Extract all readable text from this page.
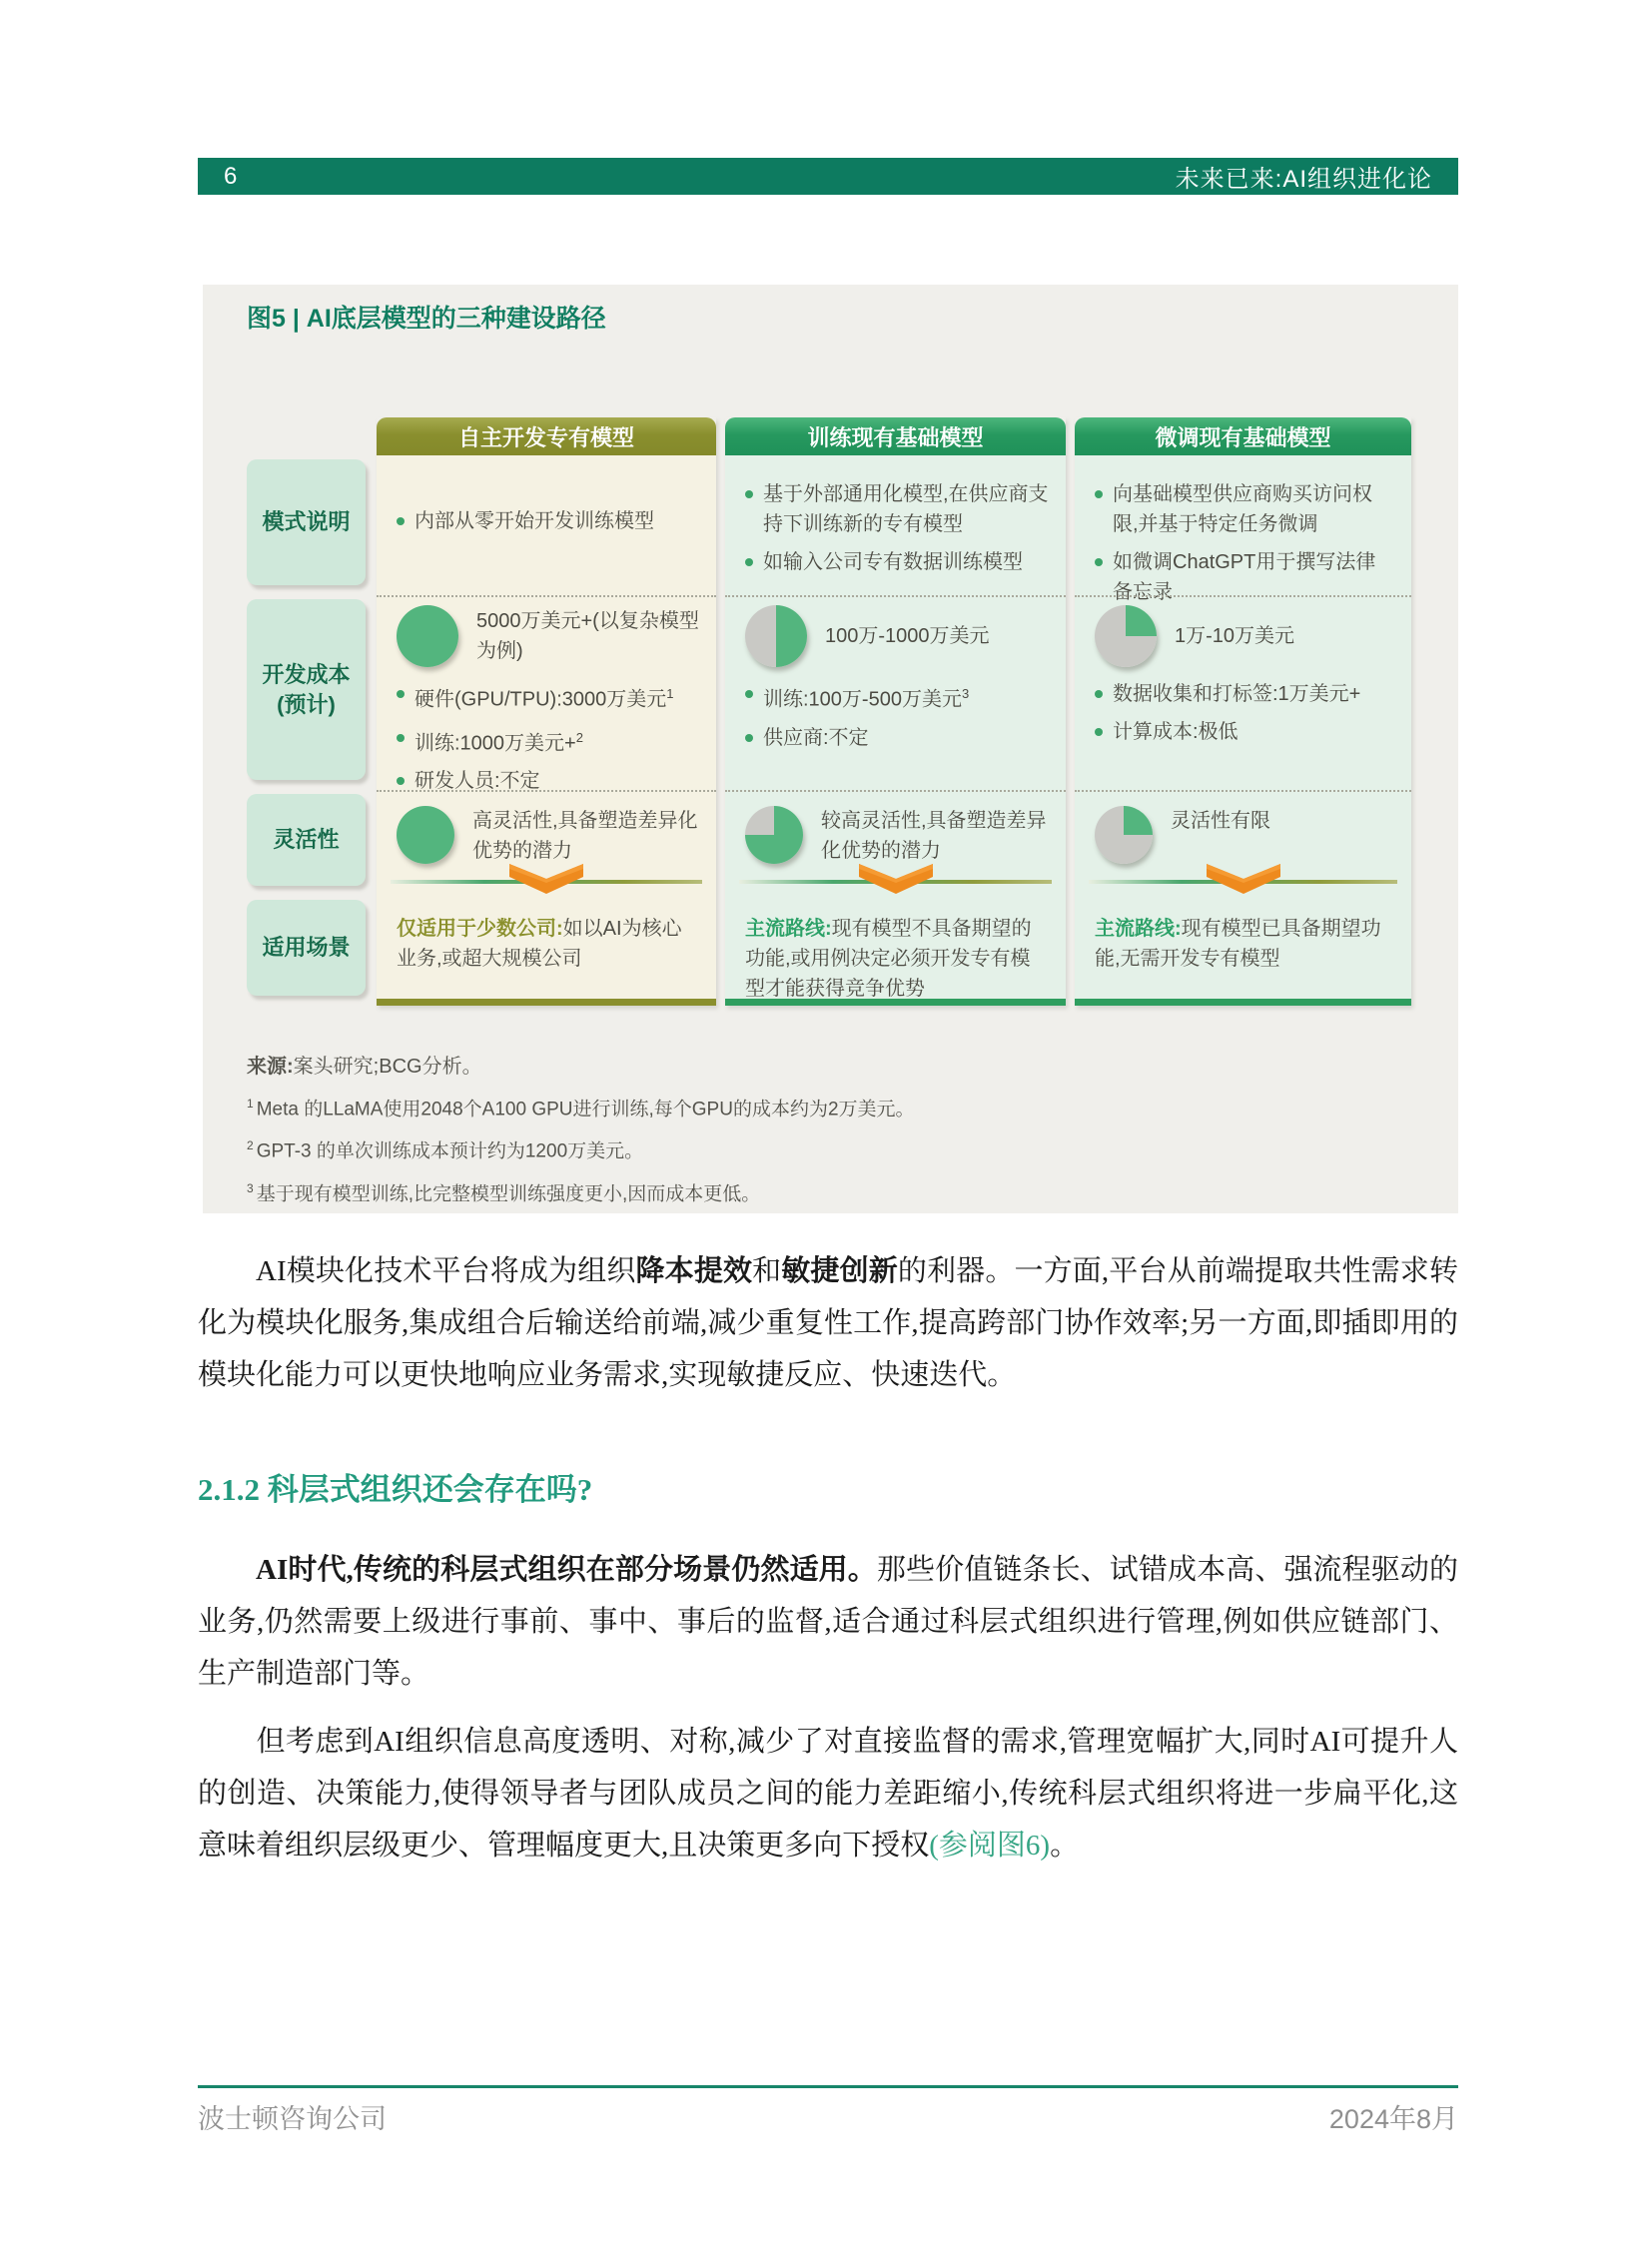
6	未来已来:AI组织进化论
图5 | AI底层模型的三种建设路径
模式说明
开发成本
(预计)
灵活性
适用场景
自主开发专有模型
内部从零开始开发训练模型
5000万美元+(以复杂模型为例)
硬件(GPU/TPU):3000万美元$^1$
训练:1000万美元+$^2$
研发人员:不定
高灵活性,具备塑造差异化优势的潜力
仅适用于少数公司:如以AI为核心业务,或超大规模公司
训练现有基础模型
基于外部通用化模型,在供应商支持下训练新的专有模型
如输入公司专有数据训练模型
100万-1000万美元
训练:100万-500万美元$^3$
供应商:不定
较高灵活性,具备塑造差异化优势的潜力
主流路线:现有模型不具备期望的功能,或用例决定必须开发专有模型才能获得竞争优势
微调现有基础模型
向基础模型供应商购买访问权限,并基于特定任务微调
如微调ChatGPT用于撰写法律备忘录
1万-10万美元
数据收集和打标签:1万美元+
计算成本:极低
灵活性有限
主流路线:现有模型已具备期望功能,无需开发专有模型
来源:案头研究;BCG分析。
$^1$ Meta 的LLaMA使用2048个A100 GPU进行训练,每个GPU的成本约为2万美元。
$^2$ GPT-3 的单次训练成本预计约为1200万美元。
$^3$ 基于现有模型训练,比完整模型训练强度更小,因而成本更低。
AI模块化技术平台将成为组织降本提效和敏捷创新的利器。一方面,平台从前端提取共性需求转化为模块化服务,集成组合后输送给前端,减少重复性工作,提高跨部门协作效率;另一方面,即插即用的模块化能力可以更快地响应业务需求,实现敏捷反应、快速迭代。
2.1.2 科层式组织还会存在吗?
AI时代,传统的科层式组织在部分场景仍然适用。那些价值链条长、试错成本高、强流程驱动的业务,仍然需要上级进行事前、事中、事后的监督,适合通过科层式组织进行管理,例如供应链部门、生产制造部门等。
但考虑到AI组织信息高度透明、对称,减少了对直接监督的需求,管理宽幅扩大,同时AI可提升人的创造、决策能力,使得领导者与团队成员之间的能力差距缩小,传统科层式组织将进一步扁平化,这意味着组织层级更少、管理幅度更大,且决策更多向下授权(参阅图6)。
波士顿咨询公司	2024年8月
